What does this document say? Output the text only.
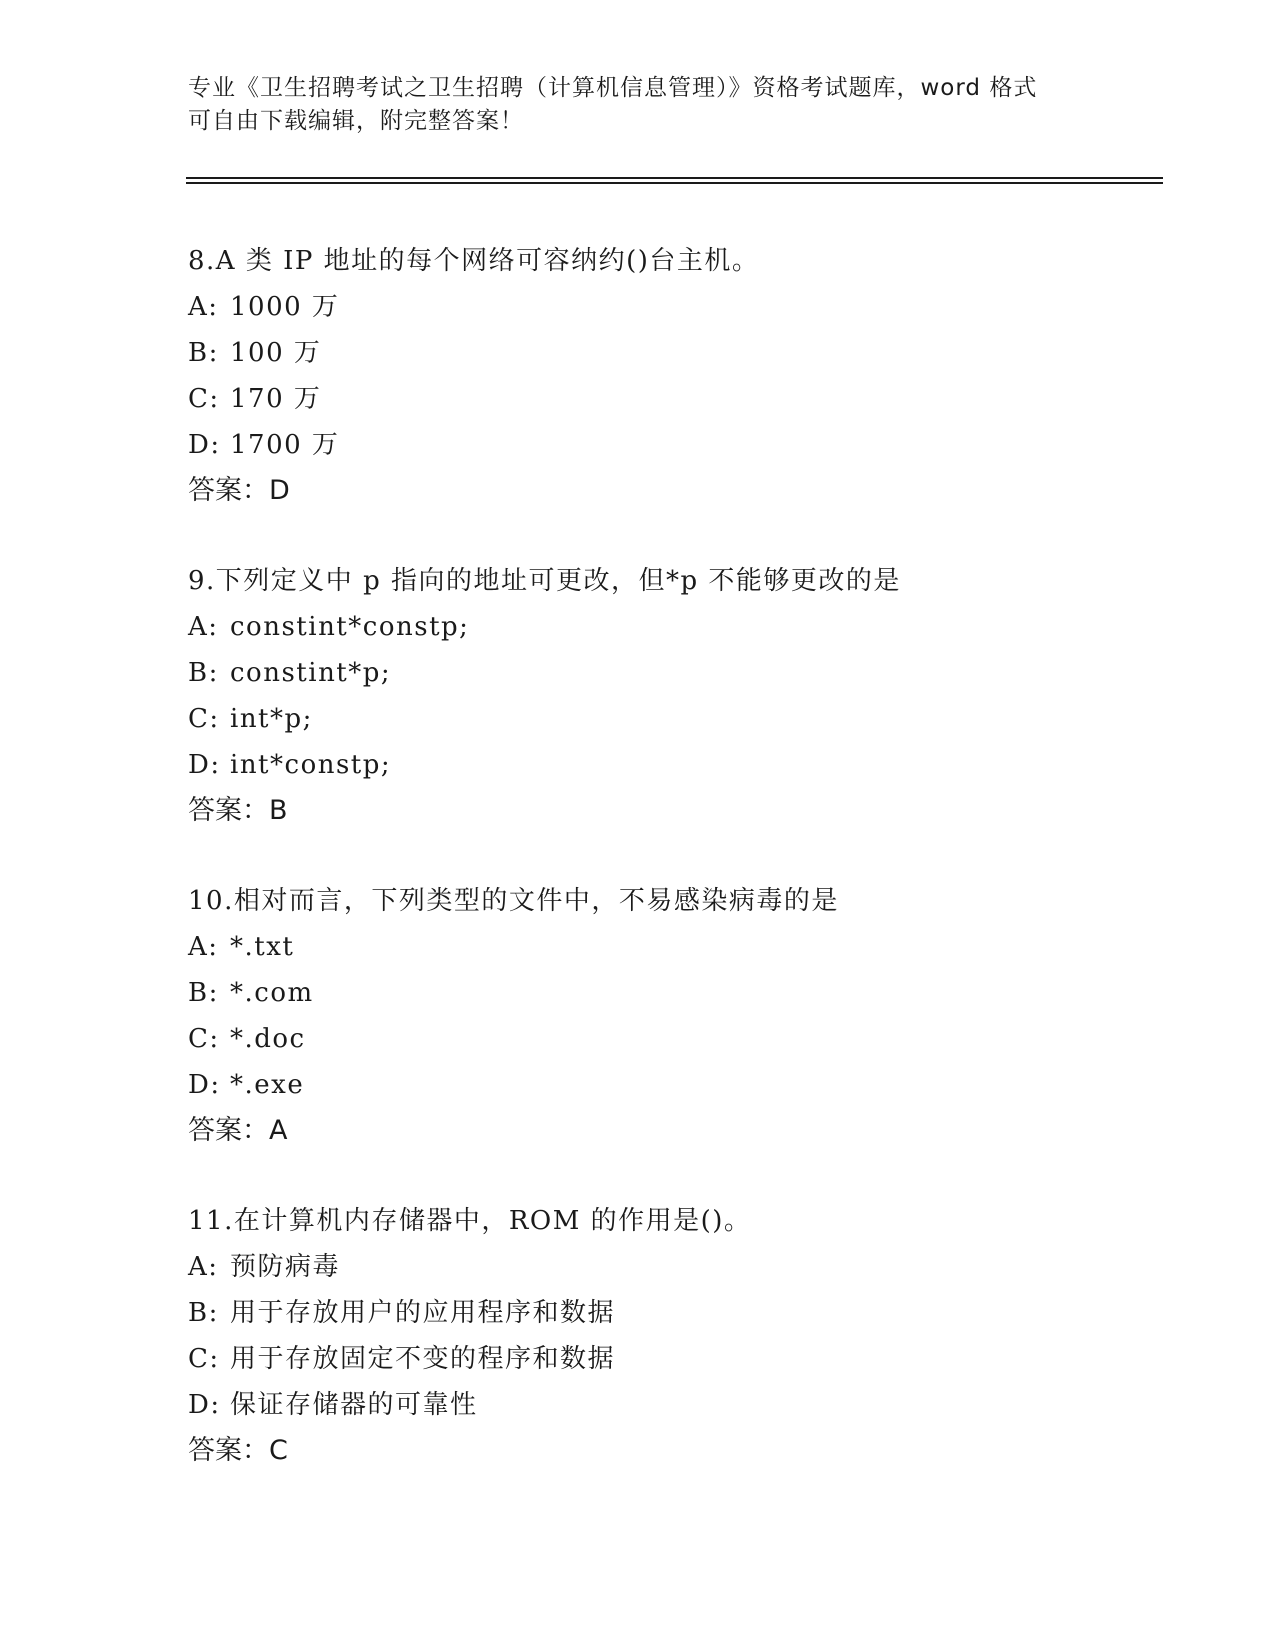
专业《卫生招聘考试之卫生招聘（计算机信息管理）》资格考试题库，word 格式
可自由下载编辑，附完整答案！
8.A 类 IP 地址的每个网络可容纳约()台主机。
A: 1000 万
B: 100 万
C: 170 万
D: 1700 万
答案：D
9.下列定义中 p 指向的地址可更改，但*p 不能够更改的是
A: constint*constp;
B: constint*p;
C: int*p;
D: int*constp;
答案：B
10.相对而言，下列类型的文件中，不易感染病毒的是
A: *.txt
B: *.com
C: *.doc
D: *.exe
答案：A
11.在计算机内存储器中，ROM 的作用是()。
A: 预防病毒
B: 用于存放用户的应用程序和数据
C: 用于存放固定不变的程序和数据
D: 保证存储器的可靠性
答案：C
